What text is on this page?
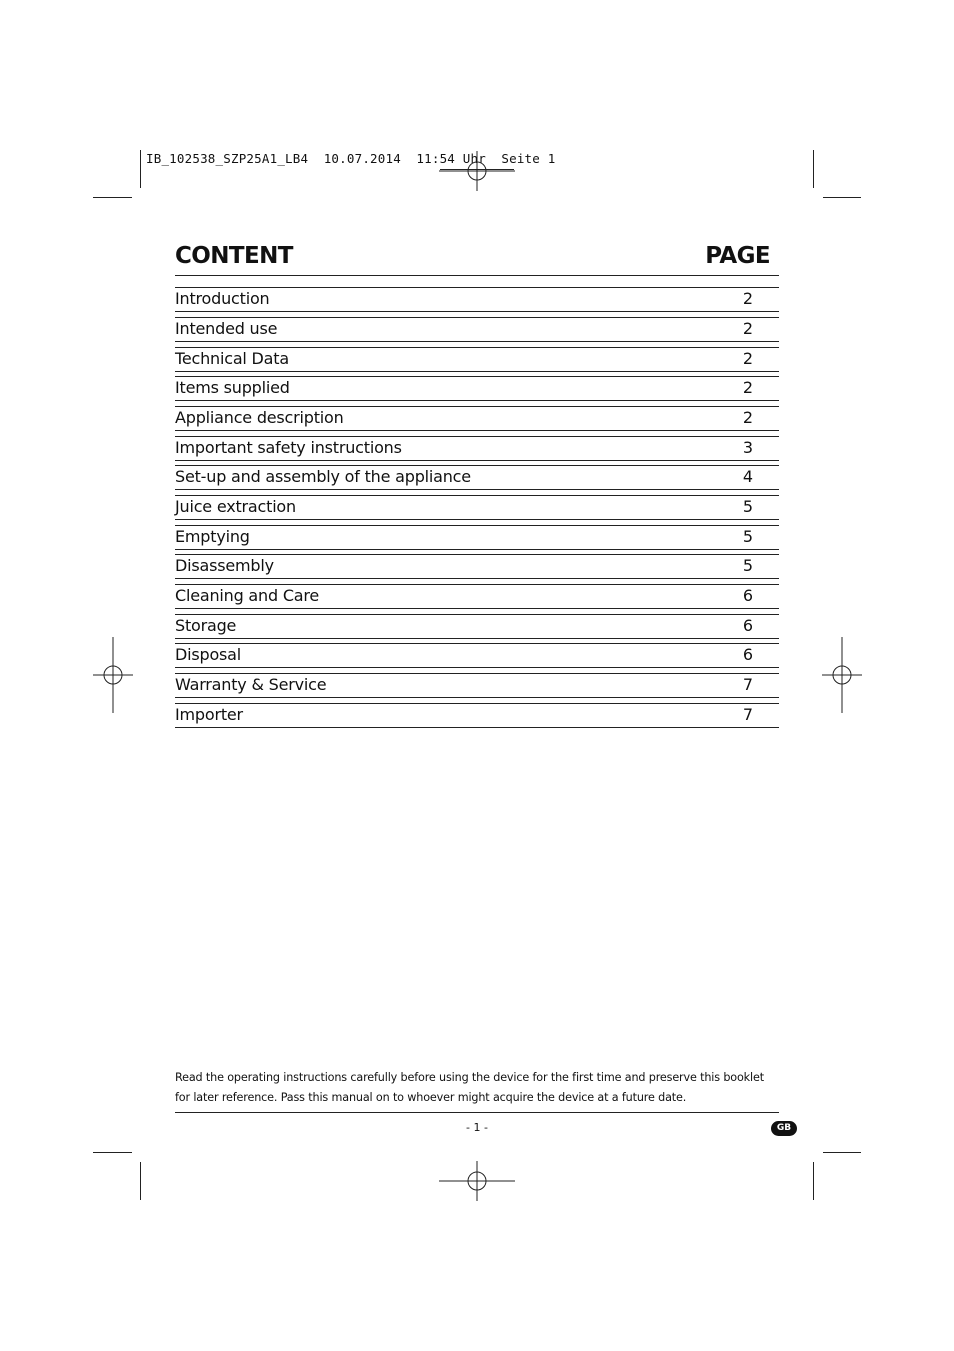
IB_102538_SZP25A1_LB4  10.07.2014  11:54 Uhr  Seite 1
CONTENT	PAGE
Introduction	2
Intended use	2
Technical Data	2
Items supplied	2
Appliance description	2
Important safety instructions	3
Set-up and assembly of the appliance	4
Juice extraction	5
Emptying	5
Disassembly	5
Cleaning and Care	6
Storage	6
Disposal	6
Warranty & Service	7
Importer	7
Read the operating instructions carefully before using the device for the first time and preserve this booklet
for later reference. Pass this manual on to whoever might acquire the device at a future date.
- 1 -	GB
